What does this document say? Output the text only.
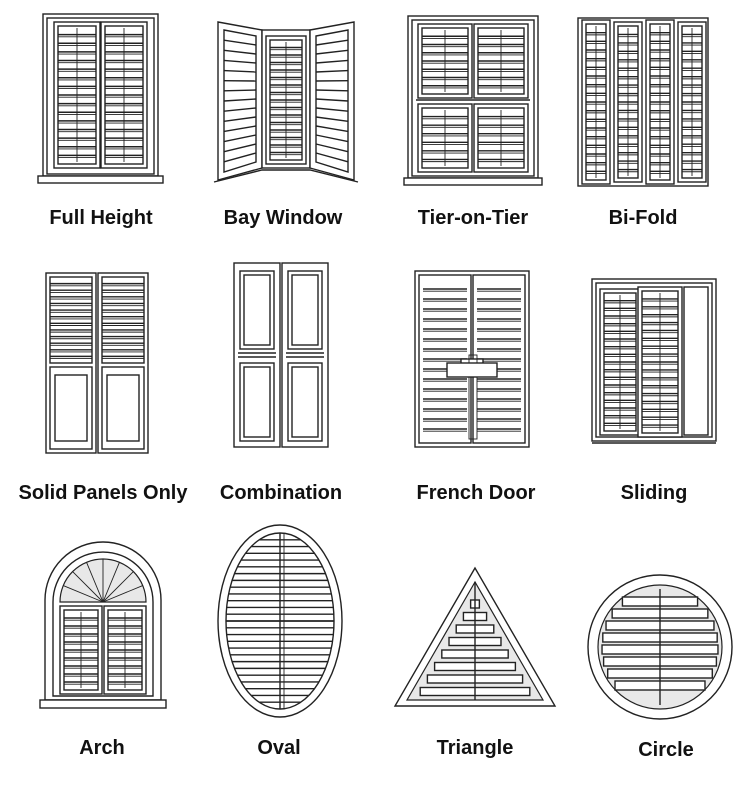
Full Height	Bay Window	Tier-on-Tier	Bi-Fold
Solid Panels Only Combination	French Door	Sliding
Arch	Oval	Triangle	Circle
